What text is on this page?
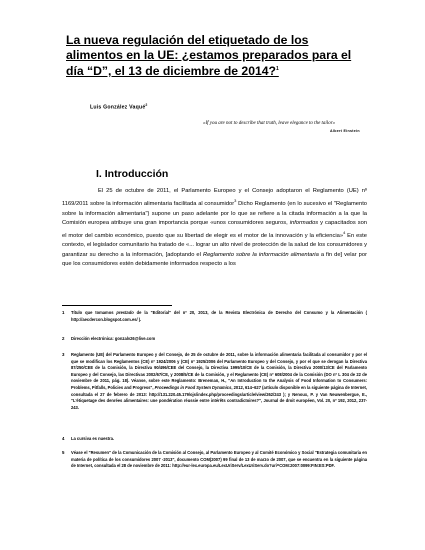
La nueva regulación del etiquetado de los
alimentos en la UE: ¿estamos preparados para el
día “D”, el 13 de diciembre de 2014?$^1$
Luis González Vaqué$^2$
«If you are not to describe that truth, leave elegance to the tailor»
Albert Einstein
I. Introducción

El 25 de octubre de 2011, el Parlamento Europeo y el Consejo adoptaron el Reglamento (UE) nº 1169/2011 sobre la información alimentaria facilitada al consumidor$^3$ Dicho Reglamento (en lo sucesivo el "Reglamento sobre la información alimentaria") supone un paso adelante por lo que se refiere a la citada información a la que la Comisión europea atribuye una gran importancia porque «unos consumidores seguros, informados y capacitados son el motor del cambio económico, puesto que su libertad de elegir es el motor de la innovación y la eficiencia»$^4$ En este contexto, el legislador comunitario ha tratado de «... lograr un alto nivel de protección de la salud de los consumidores y garantizar su derecho a la información, [adoptando el Reglamento sobre la información alimentaria a fin de] velar por que los consumidores estén debidamente informados respecto a los

1 Título que tomamos prestado de la "Editorial" del nº 20, 2013, de la Revista Electrónica de Derecho del Consumo y la Alimentación ( http://aecdercon.blogspot.com.es/ ).
2 Dirección electrónica: gonzalv26@live.com
3 Reglamento (UE) del Parlamento Europeo y del Consejo, de 25 de octubre de 2011, sobre la información alimentaria facilitada al consumidor y por el que se modifican los Reglamentos (CE) nº 1924/2006 y (CE) nº 1925/2006 del Parlamento Europeo y del Consejo, y por el que se derogan la Directiva 87/250/CEE de la Comisión, la Directiva 90/496/CEE del Consejo, la Directiva 1999/10/CE de la Comisión, la Directiva 2000/13/CE del Parlamento Europeo y del Consejo, las Directivas 2002/67/CE, y 2008/5/CE de la Comisión, y el Reglamento (CE) nº 608/2004 de la Comisión (DO nº L 304 de 22 de noviembre de 2011, pág. 18). Véanse, sobre este Reglamento: Breneman, H., "An Introduction to the Analysis of Food Information to Consumers: Problems, Pitfalls, Policies and Progress", Proceedings in Food System Dynamics, 2012, 614–627 (artículo disponible en la siguiente página de Internet, consultada el 27 de febrero de 2013: http://131.220.45.179/ojs/index.php/proceedings/article/view/262/243 ); y Nenoux, P. y Van Neuwenbergue, E., "L'étiquetage des denrées alimentaires: une pondération réussie entre intérêts contradictoires?", Journal de droit européen, Vol. 20, nº 192, 2012, 237-243.
4 La cursiva es nuestra.
5 Véase el "Resumen" de la Comunicación de la Comisión al Consejo, al Parlamento Europeo y al Comité Económico y Social "Estrategia comunitaria en materia de política de los consumidores 2007 -2013", documento COM(2007) 99 final de 13 de marzo de 2007, que se encuentra en la siguiente página de Internet, consultada el 28 de noviembre de 2011: http://eur-lex.europa.eu/LexUriServ/LexUriServ.do?uri=COM:2007:0099:FIN:ES:PDF.
